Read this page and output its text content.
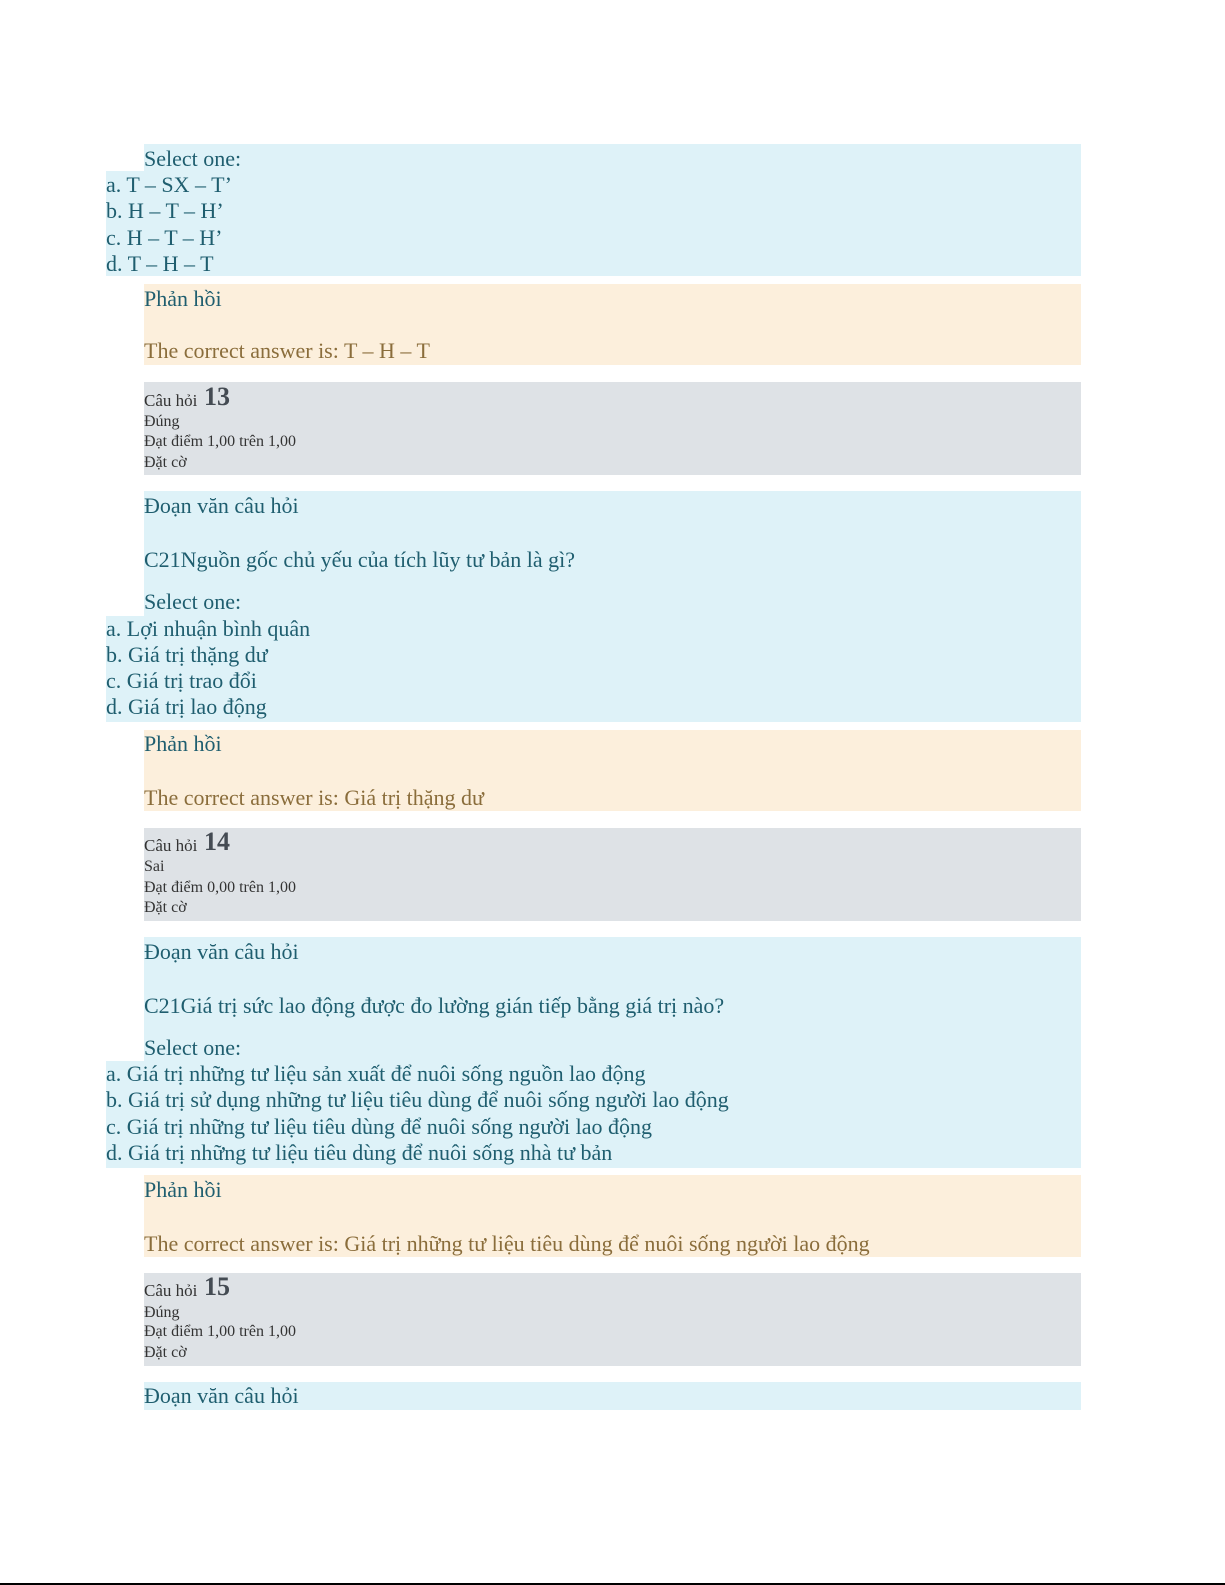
Select one:
a. T – SX – T’
b. H – T – H’
c. H – T – H’
d. T – H – T
Phản hồi
The correct answer is: T – H – T
Câu hỏi 13
Đúng
Đạt điểm 1,00 trên 1,00
Đặt cờ
Đoạn văn câu hỏi
C21Nguồn gốc chủ yếu của tích lũy tư bản là gì?
Select one:
a. Lợi nhuận bình quân
b. Giá trị thặng dư
c. Giá trị trao đổi
d. Giá trị lao động
Phản hồi
The correct answer is: Giá trị thặng dư
Câu hỏi 14
Sai
Đạt điểm 0,00 trên 1,00
Đặt cờ
Đoạn văn câu hỏi
C21Giá trị sức lao động được đo lường gián tiếp bằng giá trị nào?
Select one:
a. Giá trị những tư liệu sản xuất để nuôi sống nguồn lao động
b. Giá trị sử dụng những tư liệu tiêu dùng để nuôi sống người lao động
c. Giá trị những tư liệu tiêu dùng để nuôi sống người lao động
d. Giá trị những tư liệu tiêu dùng để nuôi sống nhà tư bản
Phản hồi
The correct answer is: Giá trị những tư liệu tiêu dùng để nuôi sống người lao động
Câu hỏi 15
Đúng
Đạt điểm 1,00 trên 1,00
Đặt cờ
Đoạn văn câu hỏi
